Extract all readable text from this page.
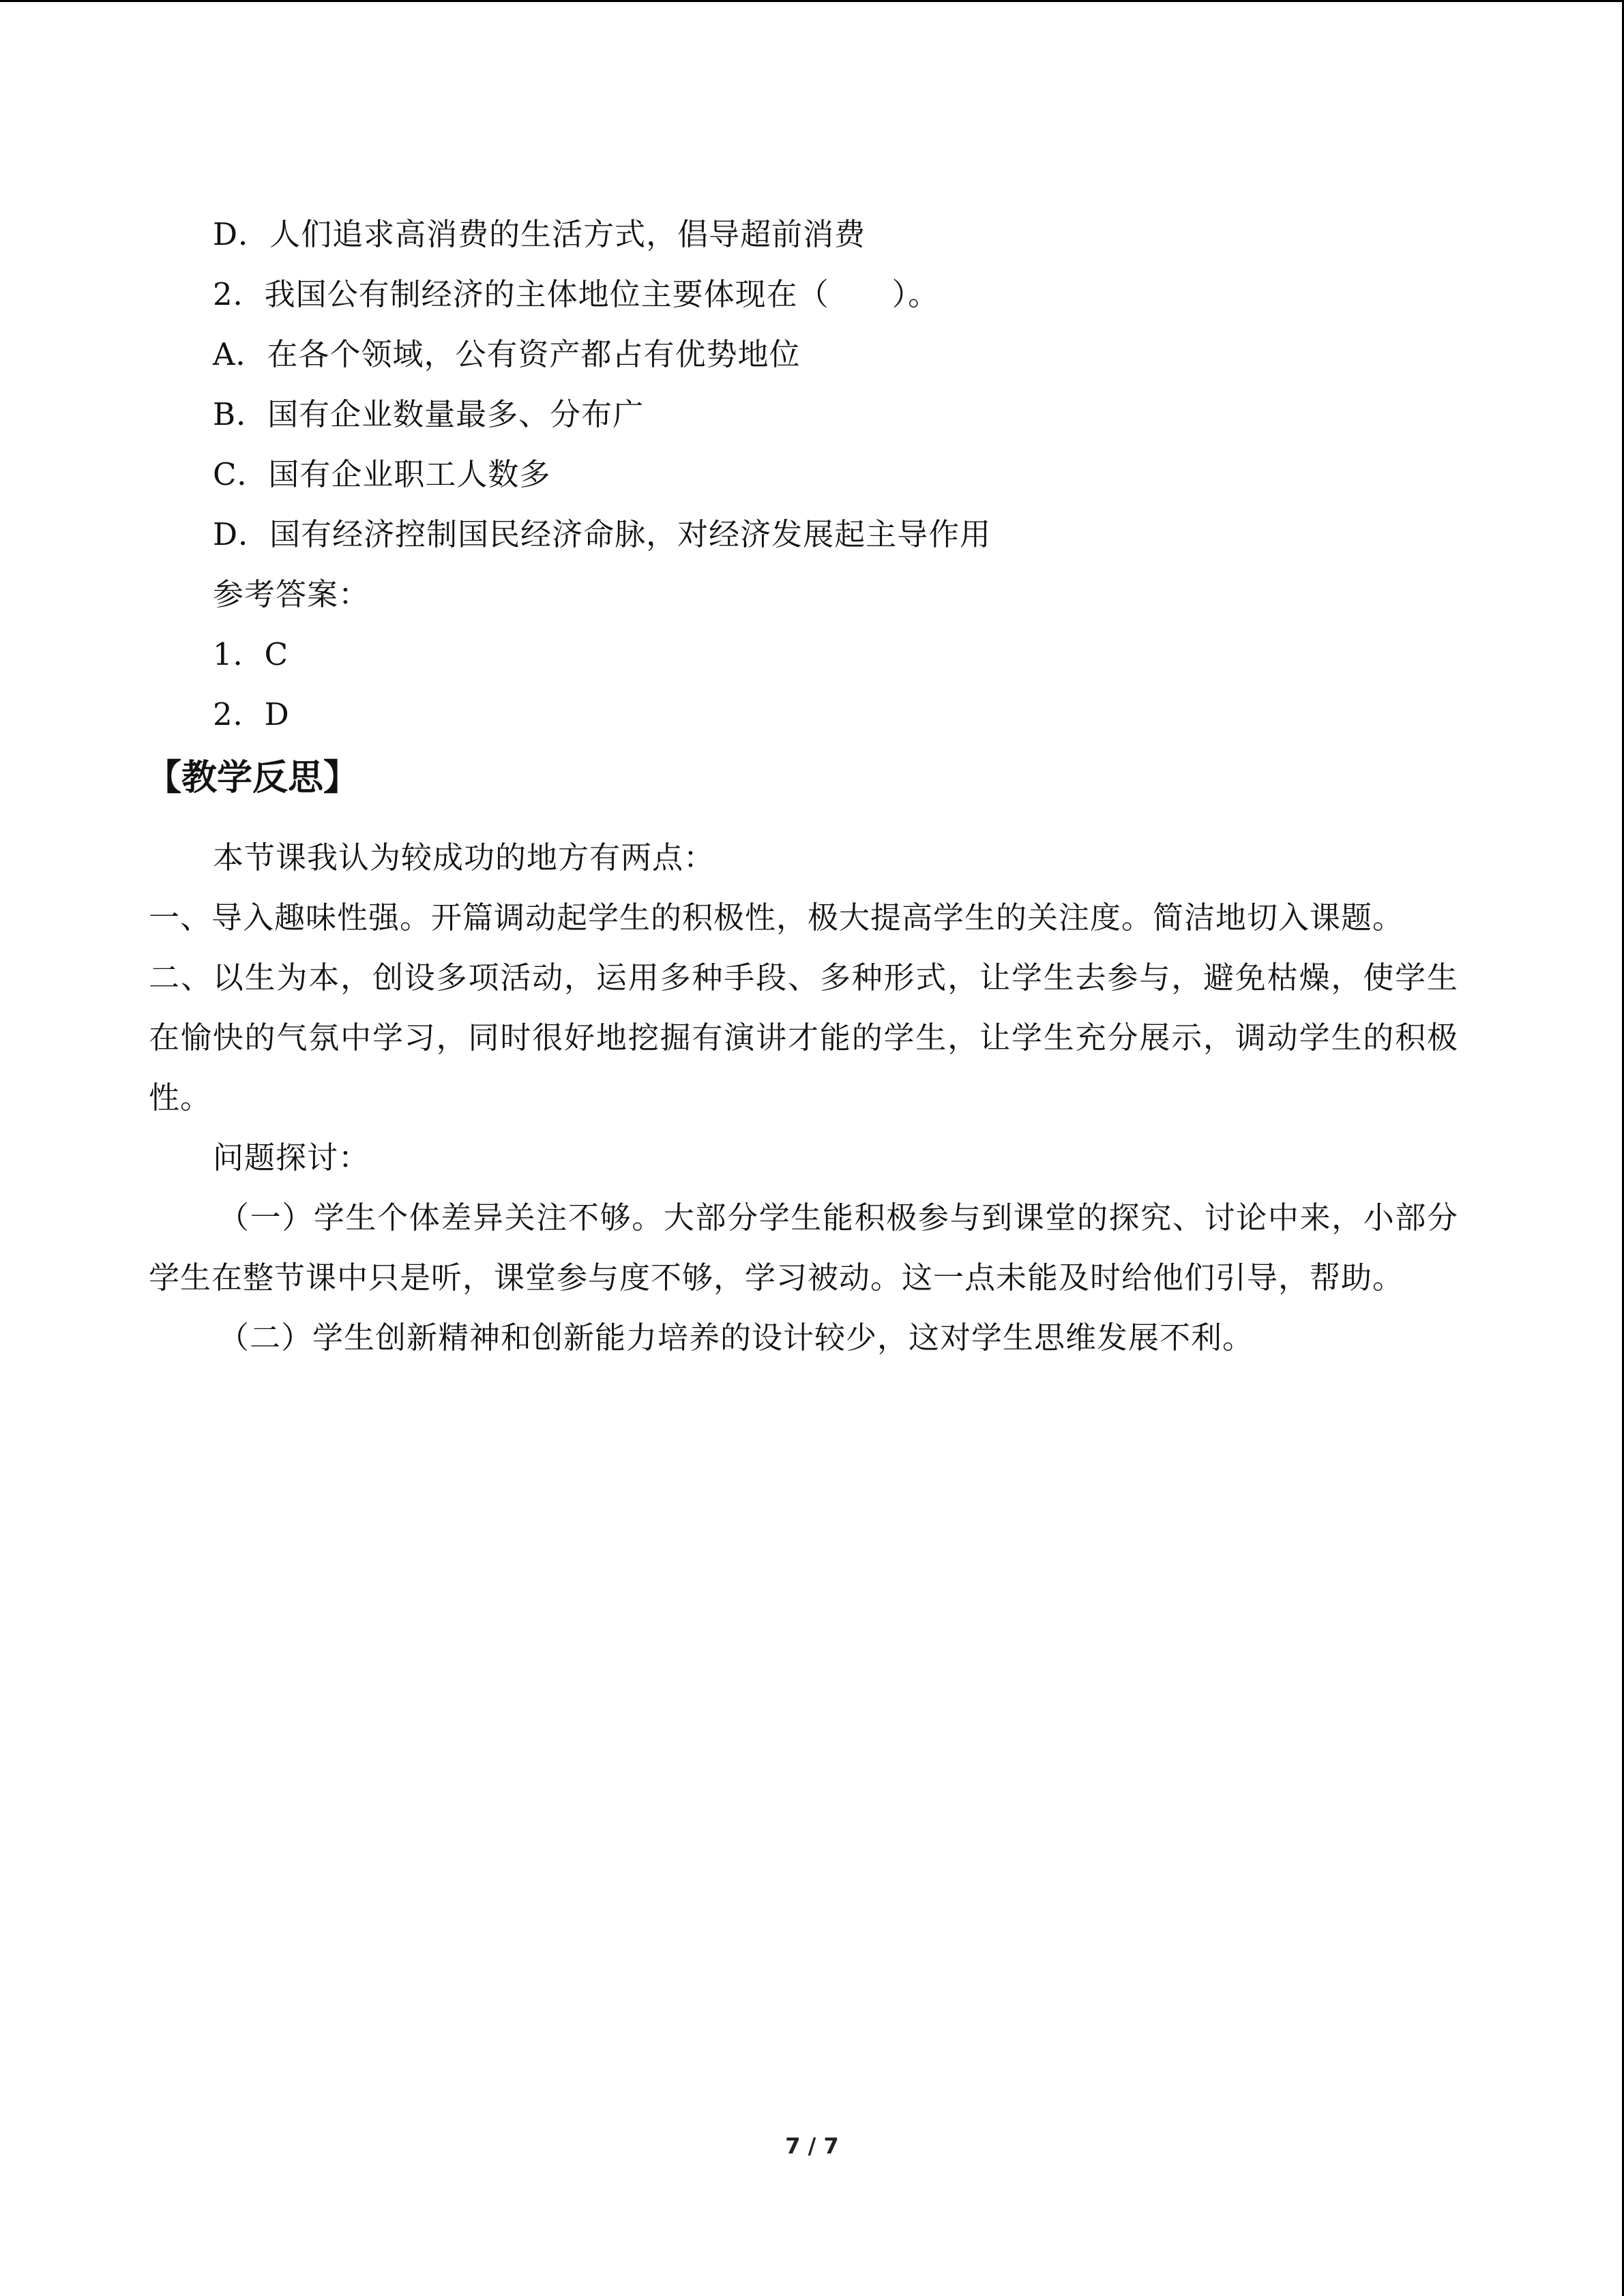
D．人们追求高消费的生活方式，倡导超前消费
2．我国公有制经济的主体地位主要体现在（　　）。
A．在各个领域，公有资产都占有优势地位
B．国有企业数量最多、分布广
C．国有企业职工人数多
D．国有经济控制国民经济命脉，对经济发展起主导作用
参考答案：
1．C
2．D
【教学反思】
本节课我认为较成功的地方有两点：
一、导入趣味性强。开篇调动起学生的积极性，极大提高学生的关注度。简洁地切入课题。
二、以生为本，创设多项活动，运用多种手段、多种形式，让学生去参与，避免枯燥，使学生在愉快的气氛中学习，同时很好地挖掘有演讲才能的学生，让学生充分展示，调动学生的积极性。
问题探讨：
（一）学生个体差异关注不够。大部分学生能积极参与到课堂的探究、讨论中来，小部分学生在整节课中只是听，课堂参与度不够，学习被动。这一点未能及时给他们引导，帮助。
（二）学生创新精神和创新能力培养的设计较少，这对学生思维发展不利。
7 / 7
